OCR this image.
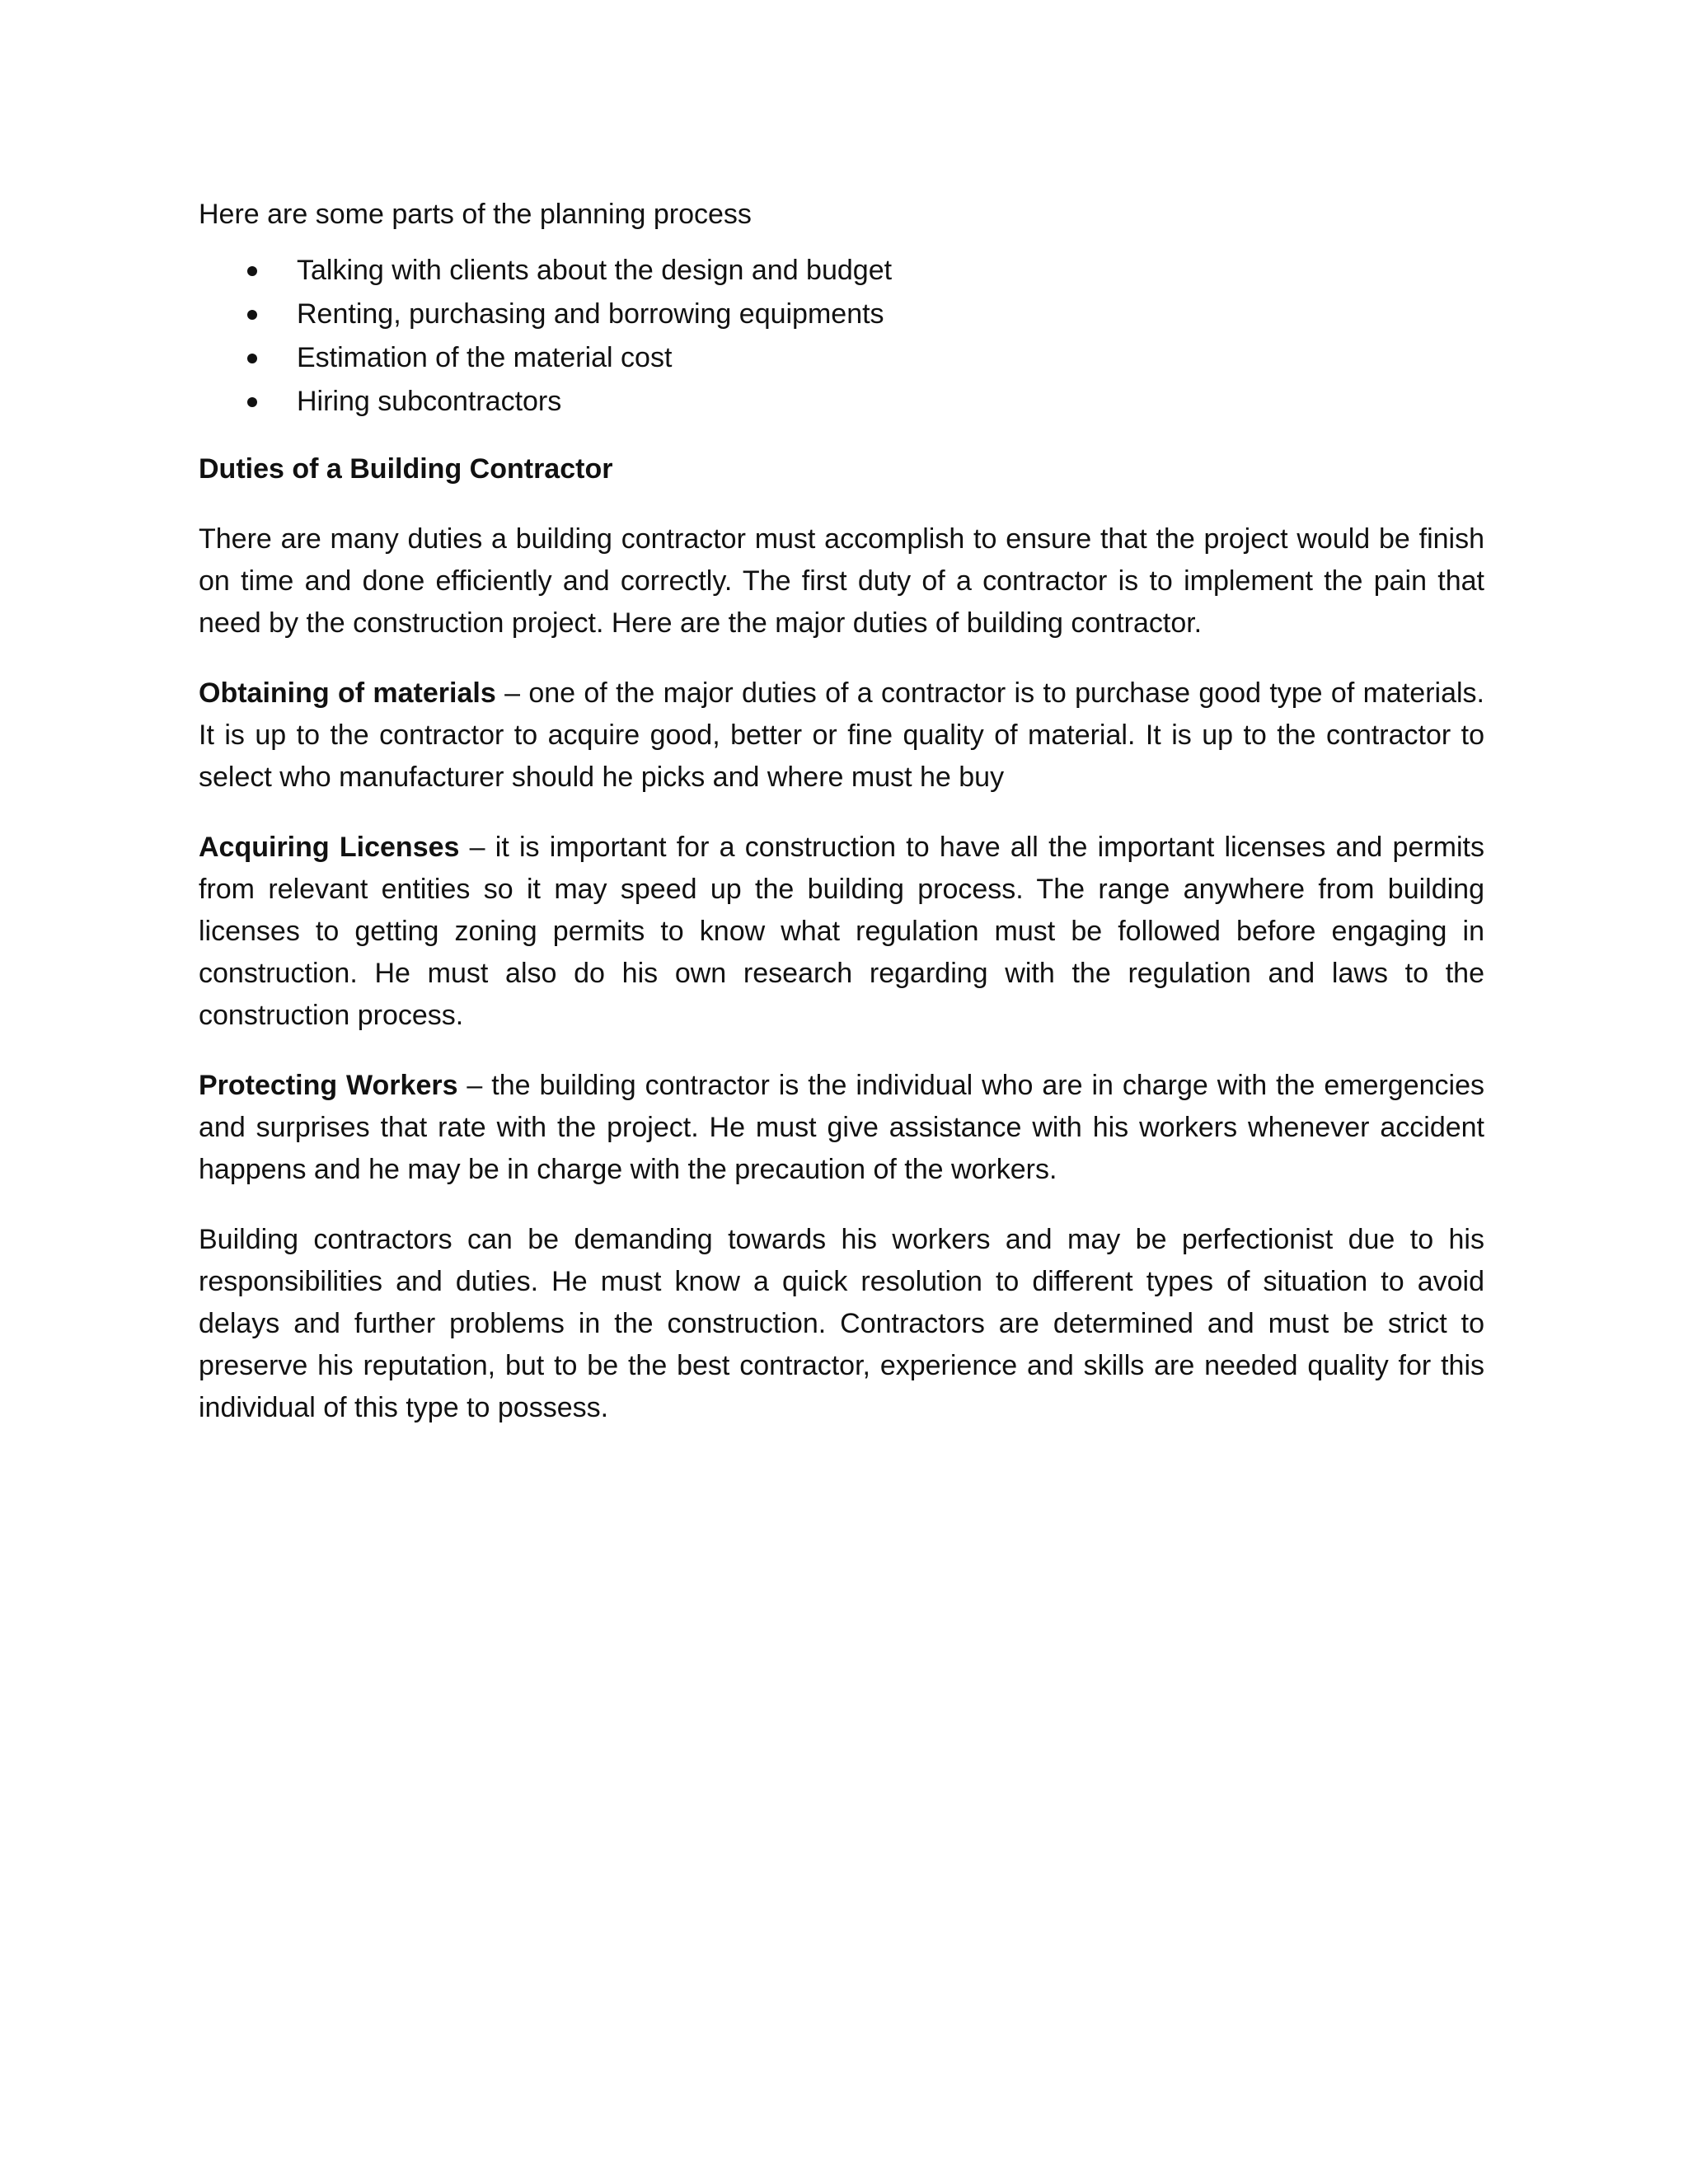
Here are some parts of the planning process

Talking with clients about the design and budget
Renting, purchasing and borrowing equipments
Estimation of the material cost
Hiring subcontractors

Duties of a Building Contractor

There are many duties a building contractor must accomplish to ensure that the project would be finish on time and done efficiently and correctly. The first duty of a contractor is to implement the pain that need by the construction project. Here are the major duties of building contractor.

Obtaining of materials – one of the major duties of a contractor is to purchase good type of materials. It is up to the contractor to acquire good, better or fine quality of material. It is up to the contractor to select who manufacturer should he picks and where must he buy

Acquiring Licenses – it is important for a construction to have all the important licenses and permits from relevant entities so it may speed up the building process. The range anywhere from building licenses to getting zoning permits to know what regulation must be followed before engaging in construction. He must also do his own research regarding with the regulation and laws to the construction process.

Protecting Workers – the building contractor is the individual who are in charge with the emergencies and surprises that rate with the project. He must give assistance with his workers whenever accident happens and he may be in charge with the precaution of the workers.

Building contractors can be demanding towards his workers and may be perfectionist due to his responsibilities and duties. He must know a quick resolution to different types of situation to avoid delays and further problems in the construction. Contractors are determined and must be strict to preserve his reputation, but to be the best contractor, experience and skills are needed quality for this individual of this type to possess.
